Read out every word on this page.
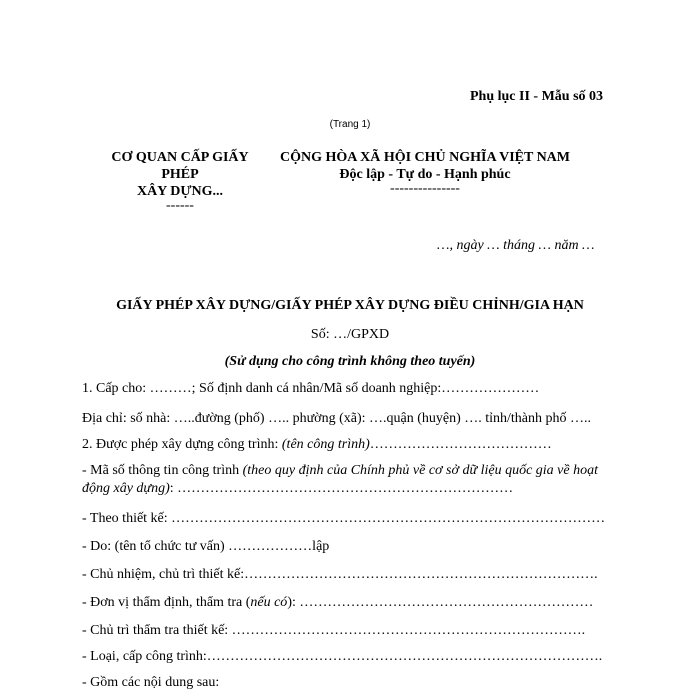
Phụ lục II - Mẫu số 03
(Trang 1)
CƠ QUAN CẤP GIẤY
PHÉP
XÂY DỰNG...
------
CỘNG HÒA XÃ HỘI CHỦ NGHĨA VIỆT NAM
Độc lập - Tự do - Hạnh phúc
---------------
…, ngày … tháng … năm …
GIẤY PHÉP XÂY DỰNG/GIẤY PHÉP XÂY DỰNG ĐIỀU CHỈNH/GIA HẠN
Số: …/GPXD
(Sử dụng cho công trình không theo tuyến)
1. Cấp cho: ………; Số định danh cá nhân/Mã số doanh nghiệp:…………………
Địa chỉ: số nhà: …..đường (phố) ….. phường (xã): ….quận (huyện) …. tỉnh/thành phố …..
2. Được phép xây dựng công trình: (tên công trình)…………………………………
- Mã số thông tin công trình (theo quy định của Chính phủ về cơ sở dữ liệu quốc gia về hoạt động xây dựng): ………………………………………………………………
- Theo thiết kế: …………………………………………………………………………………
- Do: (tên tổ chức tư vấn) ………………lập
- Chủ nhiệm, chủ trì thiết kế:………………………………………………………………….
- Đơn vị thẩm định, thẩm tra (nếu có): ………………………………………………………
- Chủ trì thẩm tra thiết kế: ………………………………………………………………….
- Loại, cấp công trình:………………………………………………………………………….
- Gồm các nội dung sau:
